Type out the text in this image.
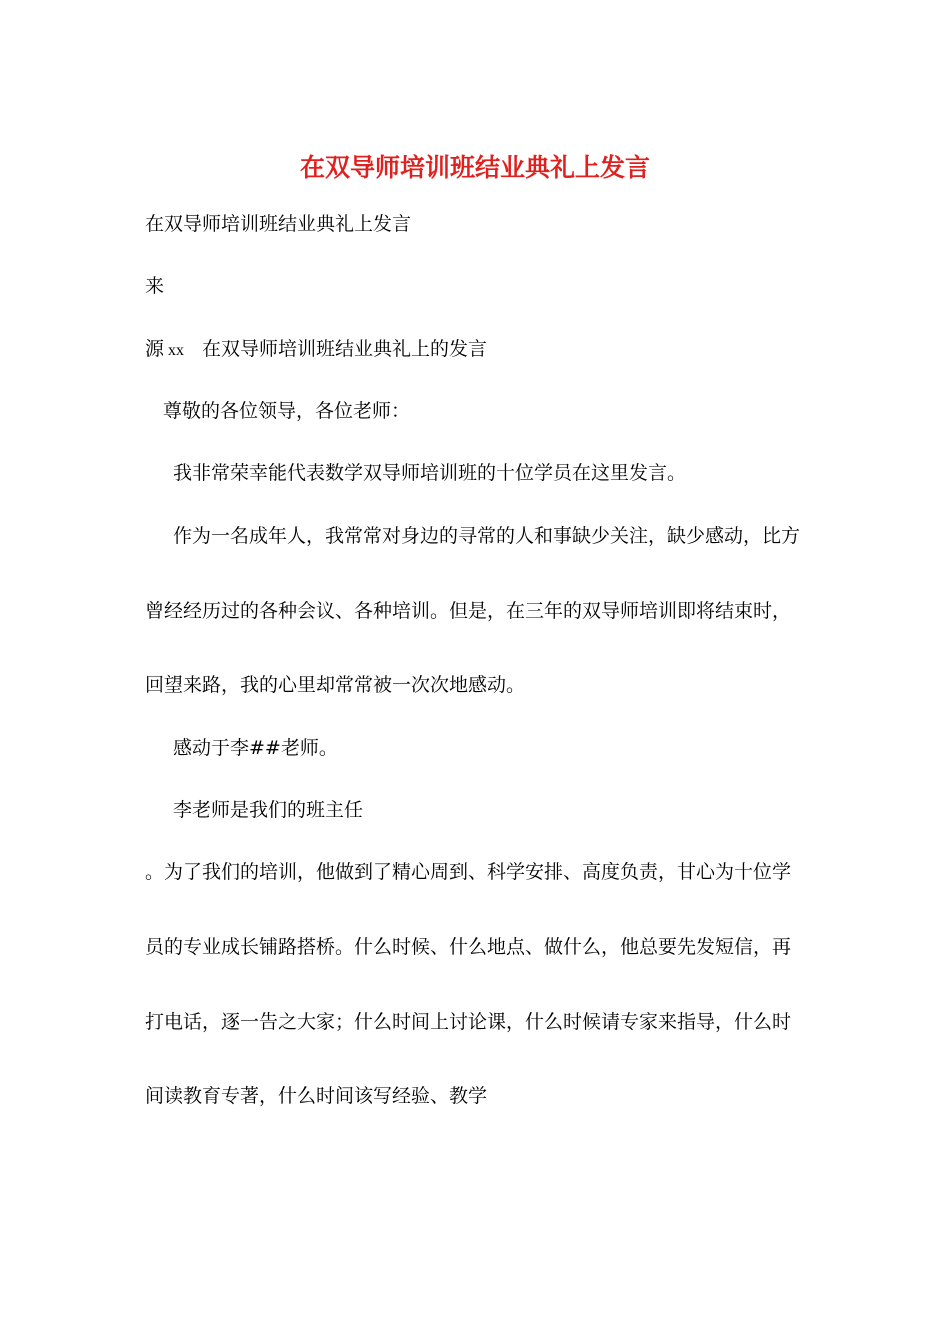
在双导师培训班结业典礼上发言
在双导师培训班结业典礼上发言
来
源 xx 在双导师培训班结业典礼上的发言
尊敬的各位领导，各位老师：
我非常荣幸能代表数学双导师培训班的十位学员在这里发言。
作为一名成年人，我常常对身边的寻常的人和事缺少关注，缺少感动，比方
曾经经历过的各种会议、各种培训。但是，在三年的双导师培训即将结束时，
回望来路，我的心里却常常被一次次地感动。
感动于李##老师。
李老师是我们的班主任
。为了我们的培训，他做到了精心周到、科学安排、高度负责，甘心为十位学
员的专业成长铺路搭桥。什么时候、什么地点、做什么，他总要先发短信，再
打电话，逐一告之大家；什么时间上讨论课，什么时候请专家来指导，什么时
间读教育专著，什么时间该写经验、教学
